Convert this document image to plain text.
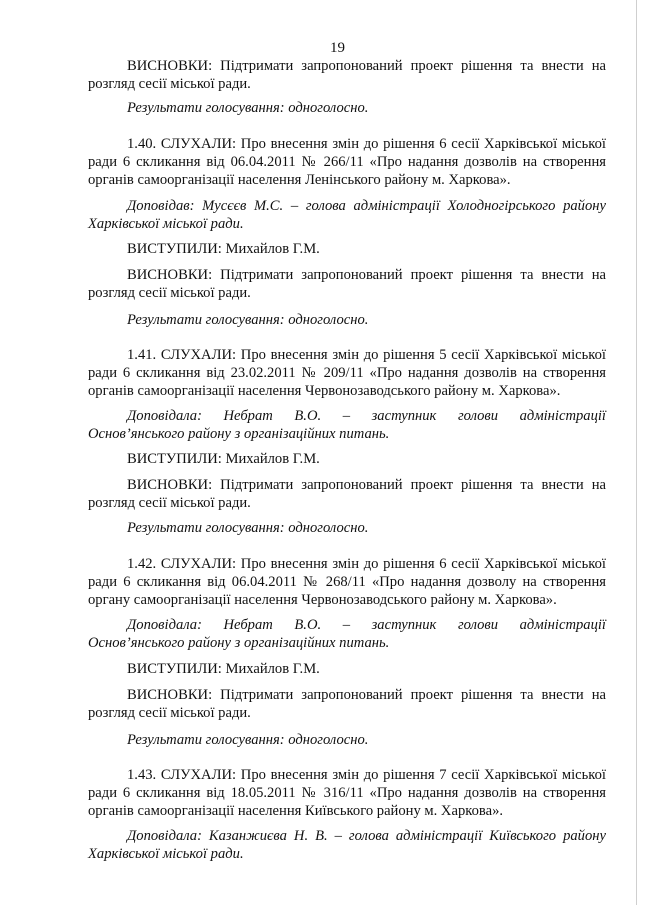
19
ВИСНОВКИ: Підтримати запропонований проект рішення та внести на
розгляд сесії міської ради.
Результати голосування: одноголосно.
1.40. СЛУХАЛИ: Про внесення змін до рішення 6 сесії Харківської міської
ради 6 скликання від 06.04.2011 № 266/11 «Про надання дозволів на створення
органів самоорганізації населення Ленінського району м. Харкова».
Доповідав: Мусєєв М.С. – голова адміністрації Холодногірського району
Харківської міської ради.
ВИСТУПИЛИ: Михайлов Г.М.
ВИСНОВКИ: Підтримати запропонований проект рішення та внести на
розгляд сесії міської ради.
Результати голосування: одноголосно.
1.41. СЛУХАЛИ: Про внесення змін до рішення 5 сесії Харківської міської
ради 6 скликання від 23.02.2011 № 209/11 «Про надання дозволів на створення
органів самоорганізації населення Червонозаводського району м. Харкова».
Доповідала: Небрат В.О. – заступник голови адміністрації
Основ’янського району з організаційних питань.
ВИСТУПИЛИ: Михайлов Г.М.
ВИСНОВКИ: Підтримати запропонований проект рішення та внести на
розгляд сесії міської ради.
Результати голосування: одноголосно.
1.42. СЛУХАЛИ: Про внесення змін до рішення 6 сесії Харківської міської
ради 6 скликання від 06.04.2011 № 268/11 «Про надання дозволу на створення
органу самоорганізації населення Червонозаводського району м. Харкова».
Доповідала: Небрат В.О. – заступник голови адміністрації
Основ’янського району з організаційних питань.
ВИСТУПИЛИ: Михайлов Г.М.
ВИСНОВКИ: Підтримати запропонований проект рішення та внести на
розгляд сесії міської ради.
Результати голосування: одноголосно.
1.43. СЛУХАЛИ: Про внесення змін до рішення 7 сесії Харківської міської
ради 6 скликання від 18.05.2011 № 316/11 «Про надання дозволів на створення
органів самоорганізації населення Київського району м. Харкова».
Доповідала: Казанжиєва Н. В. – голова адміністрації Київського району
Харківської міської ради.
